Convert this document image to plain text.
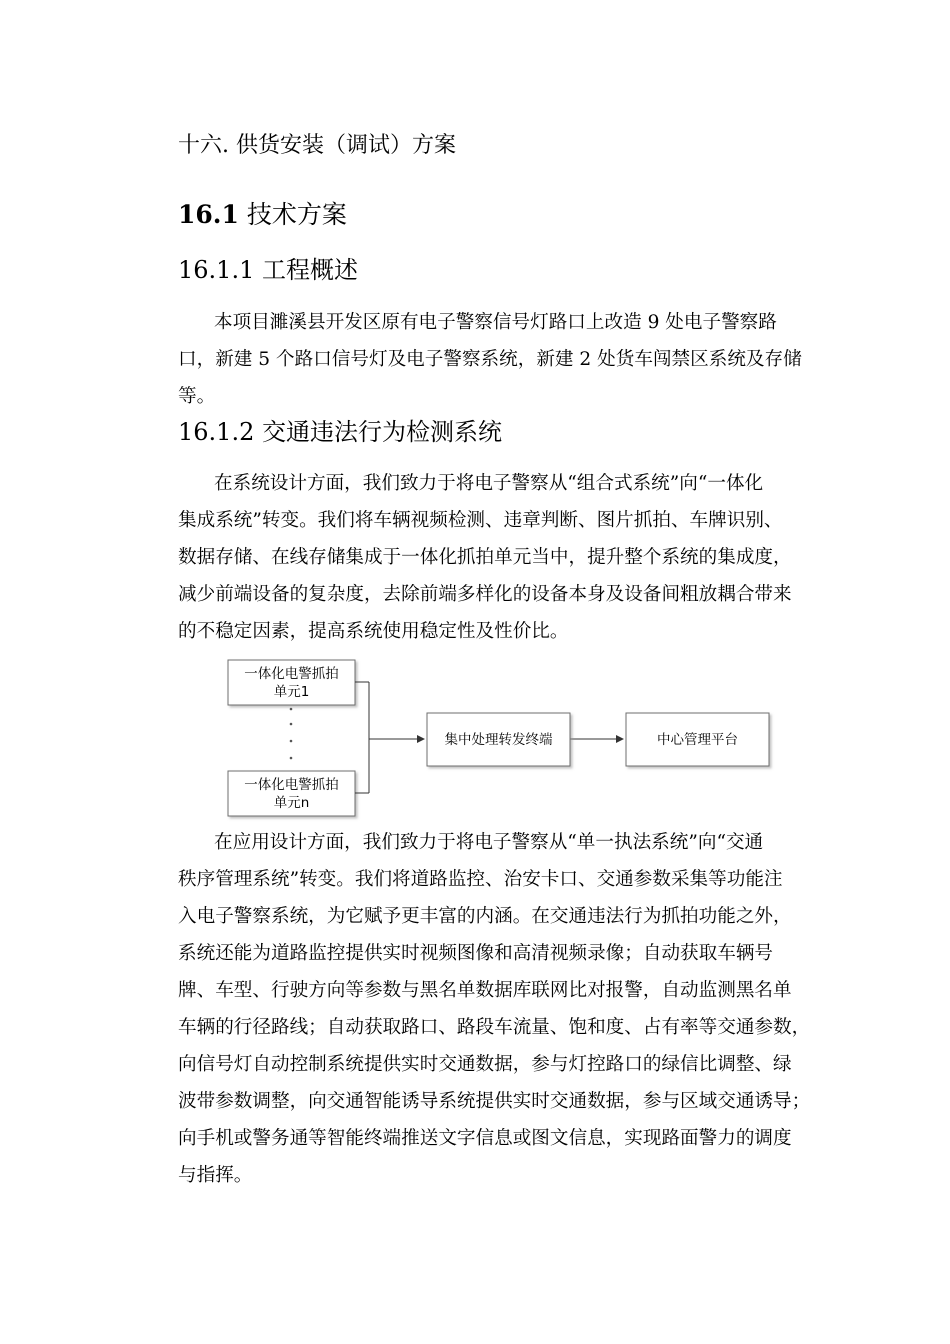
十六. 供货安装（调试）方案
16.1 技术方案
16.1.1 工程概述
本项目濉溪县开发区原有电子警察信号灯路口上改造 9 处电子警察路
口，新建 5 个路口信号灯及电子警察系统，新建 2 处货车闯禁区系统及存储
等。
16.1.2 交通违法行为检测系统
在系统设计方面，我们致力于将电子警察从“组合式系统”向“一体化
集成系统”转变。我们将车辆视频检测、违章判断、图片抓拍、车牌识别、
数据存储、在线存储集成于一体化抓拍单元当中，提升整个系统的集成度，
减少前端设备的复杂度，去除前端多样化的设备本身及设备间粗放耦合带来
的不稳定因素，提高系统使用稳定性及性价比。
一体化电警抓拍
单元1
一体化电警抓拍
单元n
集中处理转发终端	中心管理平台
在应用设计方面，我们致力于将电子警察从“单一执法系统”向“交通
秩序管理系统”转变。我们将道路监控、治安卡口、交通参数采集等功能注
入电子警察系统，为它赋予更丰富的内涵。在交通违法行为抓拍功能之外，
系统还能为道路监控提供实时视频图像和高清视频录像；自动获取车辆号
牌、车型、行驶方向等参数与黑名单数据库联网比对报警，自动监测黑名单
车辆的行径路线；自动获取路口、路段车流量、饱和度、占有率等交通参数，
向信号灯自动控制系统提供实时交通数据，参与灯控路口的绿信比调整、绿
波带参数调整，向交通智能诱导系统提供实时交通数据，参与区域交通诱导；
向手机或警务通等智能终端推送文字信息或图文信息，实现路面警力的调度
与指挥。
